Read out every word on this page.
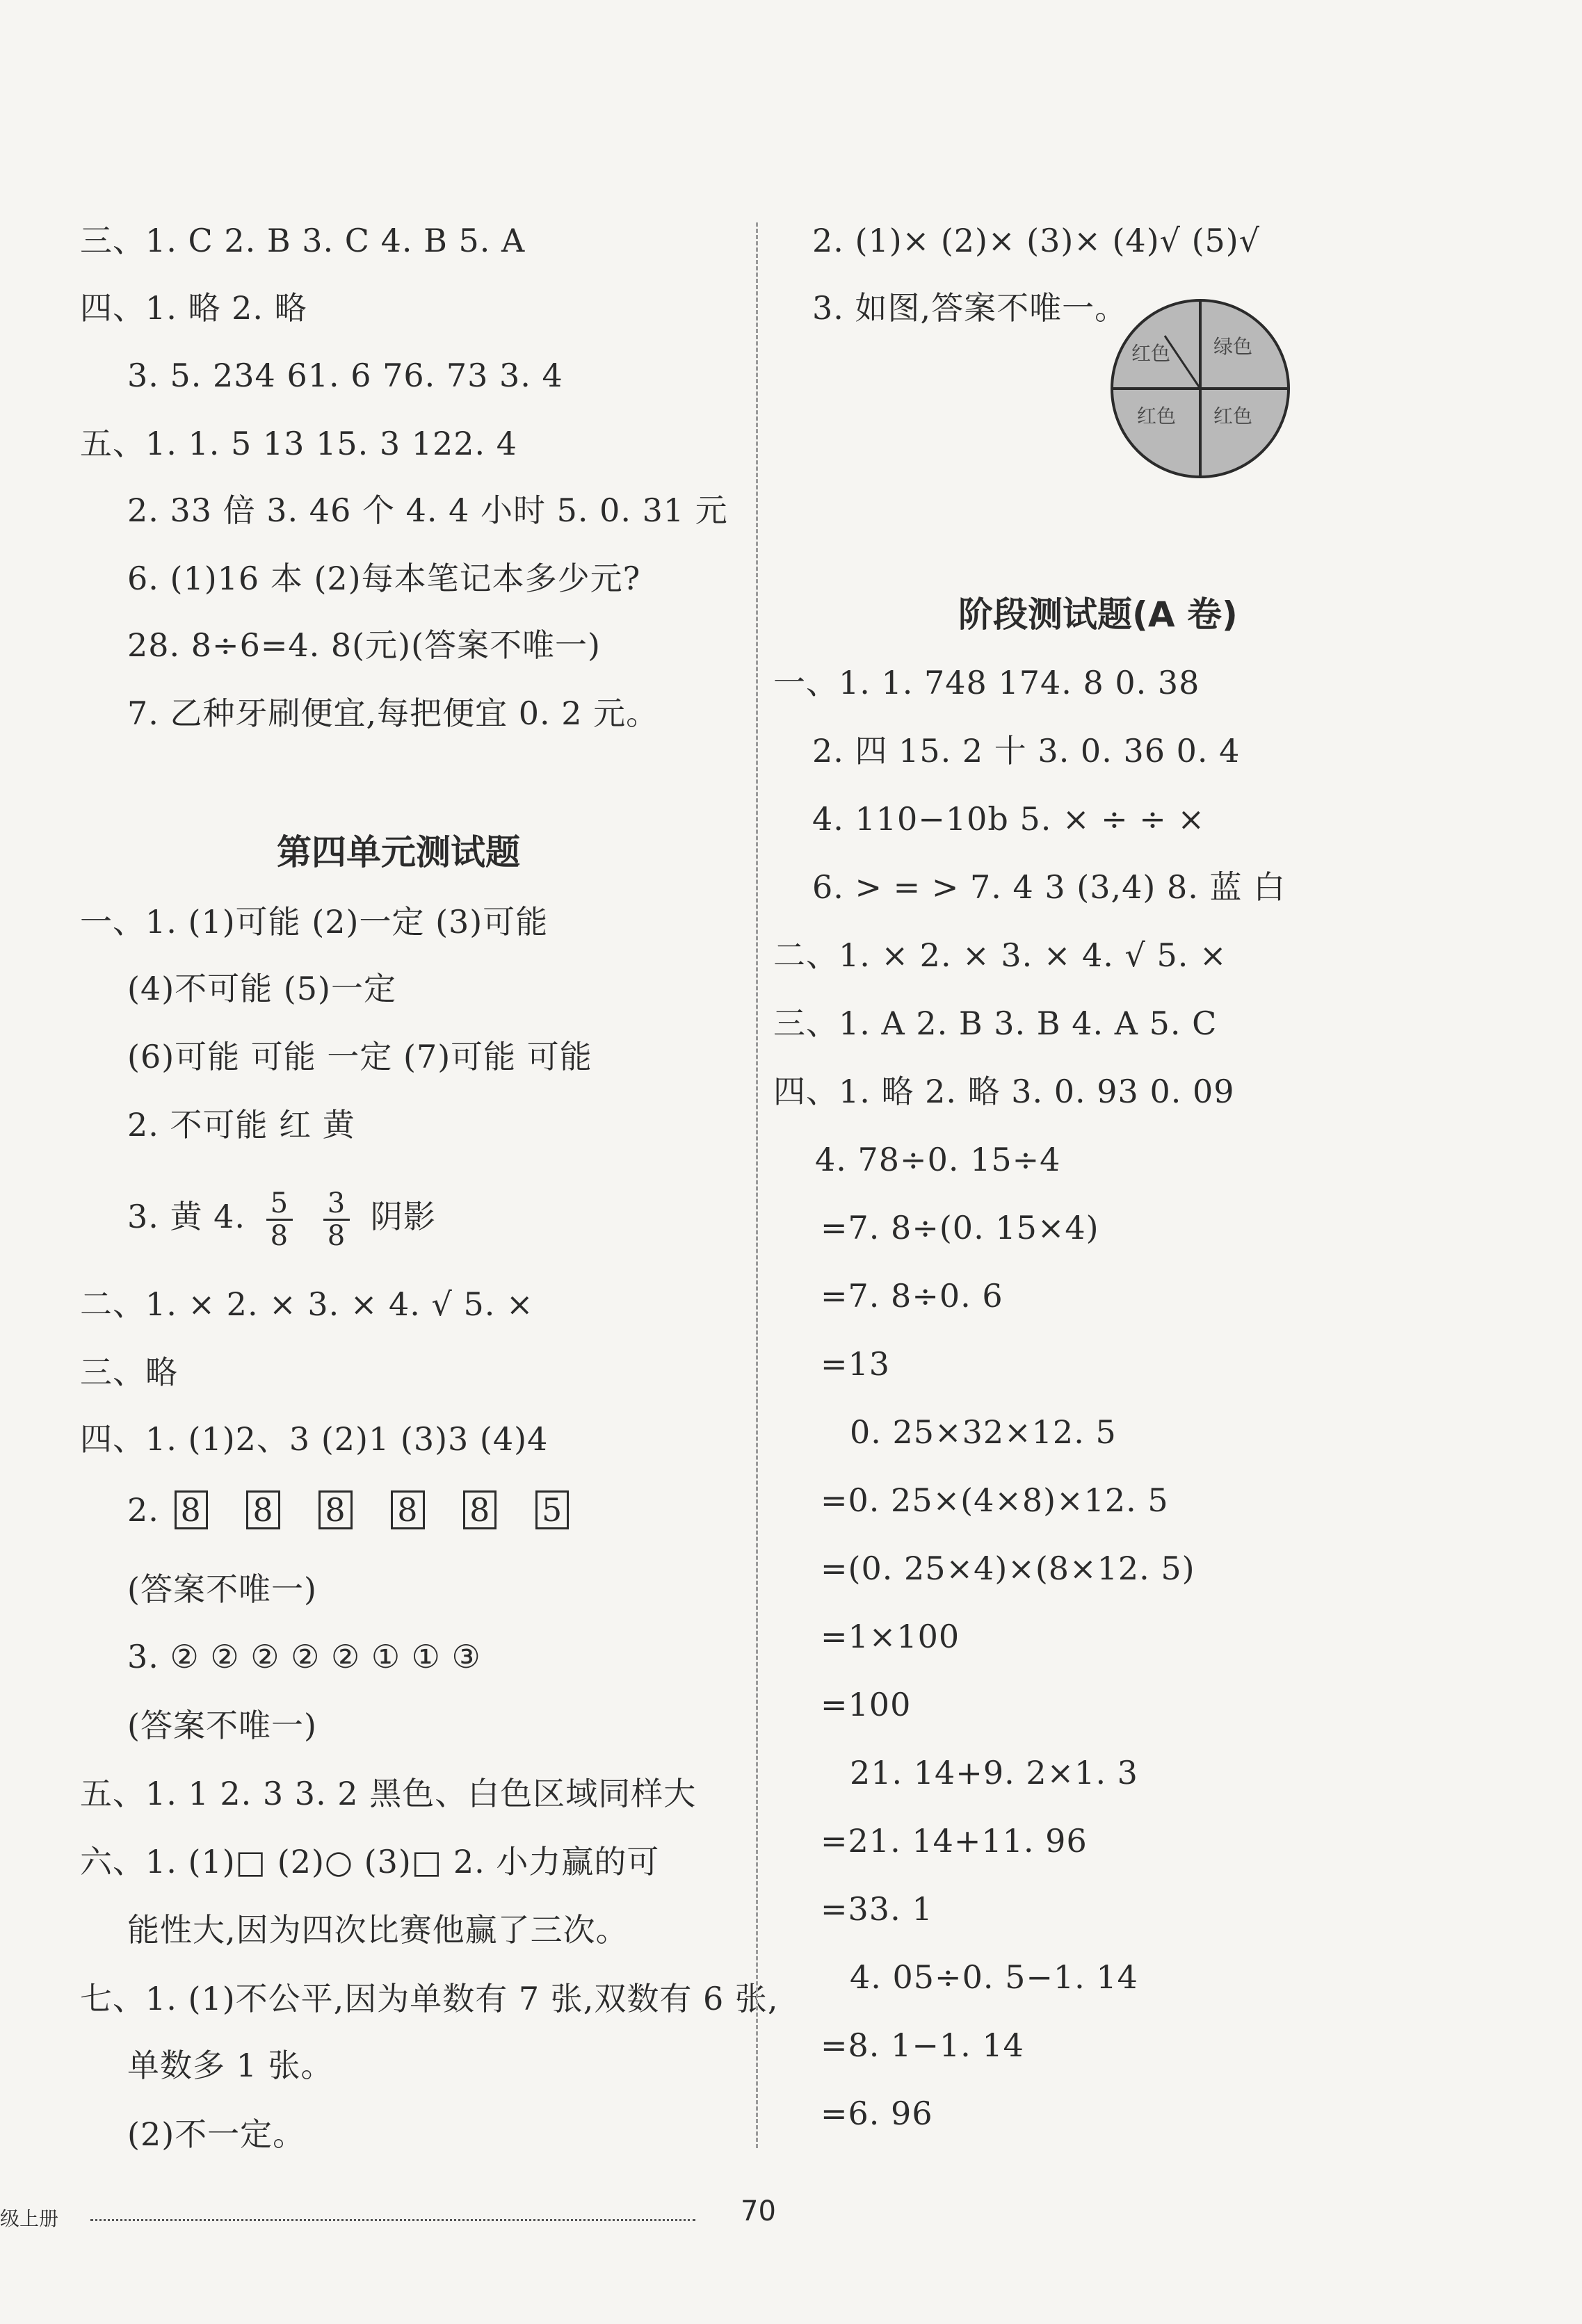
三、1. C 2. B 3. C 4. B 5. A
四、1. 略 2. 略
3. 5. 234 61. 6 76. 73 3. 4
五、1. 1. 5 13 15. 3 122. 4
2. 33 倍 3. 46 个 4. 4 小时 5. 0. 31 元
6. (1)16 本 (2)每本笔记本多少元?
28. 8÷6=4. 8(元)(答案不唯一)
7. 乙种牙刷便宜,每把便宜 0. 2 元。
第四单元测试题
一、1. (1)可能 (2)一定 (3)可能
(4)不可能 (5)一定
(6)可能 可能 一定 (7)可能 可能
2. 不可能 红 黄
3. 黄 4. $\frac{5}{8}$
$\frac{3}{8}$ 阴影
二、1. × 2. × 3. × 4. √ 5. ×
三、略
四、1. (1)2、3 (2)1 (3)3 (4)4
2. 8 8 8 8 8 5
(答案不唯一)
3. ② ② ② ② ② ① ① ③
(答案不唯一)
五、1. 1 2. 3 3. 2 黑色、白色区域同样大
六、1. (1)□ (2)○ (3)□ 2. 小力赢的可
能性大,因为四次比赛他赢了三次。
七、1. (1)不公平,因为单数有 7 张,双数有 6 张,
单数多 1 张。
(2)不一定。
2. (1)× (2)× (3)× (4)√ (5)√
3. 如图,答案不唯一。
红色 绿色
红色 红色
阶段测试题(A 卷)
一、1. 1. 748 174. 8 0. 38
2. 四 15. 2 十 3. 0. 36 0. 4
4. 110−10b 5. × ÷ ÷ ×
6. > = > 7. 4 3 (3,4) 8. 蓝 白
二、1. × 2. × 3. × 4. √ 5. ×
三、1. A 2. B 3. B 4. A 5. C
四、1. 略 2. 略 3. 0. 93 0. 09
4. 78÷0. 15÷4
=7. 8÷(0. 15×4)
=7. 8÷0. 6
=13
0. 25×32×12. 5
=0. 25×(4×8)×12. 5
=(0. 25×4)×(8×12. 5)
=1×100
=100
21. 14+9. 2×1. 3
=21. 14+11. 96
=33. 1
4. 05÷0. 5−1. 14
=8. 1−1. 14
=6. 96
级上册	70
